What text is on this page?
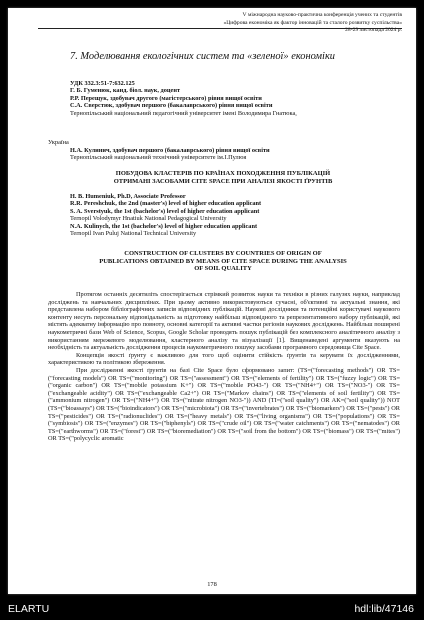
V міжнародна науково-практична конференція учених та студентів
«Цифрова економіка як фактор інновацій та сталого розвитку суспільства»
28-29 листопада 2024 р.
7. Моделювання екологічних систем та «зеленої» економіки
УДК 332.3:51-7:632.125
Г. Б. Гуменюк, канд. біол. наук, доцент
Р.Р. Перещук, здобувач другого (магістерського) рівня вищої освіти
С.А. Сверстюк, здобувач першого (бакалаврського) рівня вищої освіти
Тернопільський національний педагогічний університет імені Володимира Гнатюка,
Україна
Н.А. Кулинич, здобувач першого (бакалаврського) рівня вищої освіти
Тернопільський національний технічний університете ім.І.Пулюя
ПОБУДОВА КЛАСТЕРІВ ПО КРАЇНАХ ПОХОДЖЕННЯ ПУБЛІКАЦІЙ
ОТРИМАНІ ЗАСОБАМИ CITE SPACE ПРИ АНАЛІЗІ ЯКОСТІ ҐРУНТІВ
H. B. Humeniuk, Ph.D, Associate Professor
R.R. Pereshchuk, the 2nd (master's) level of higher education applicant
S. A. Sverstyuk, the 1st (bachelor's) level of higher education applicant
Ternopil Volodymyr Hnatiuk National Pedagogical University
N.A. Kulinych, the 1st (bachelor's) level of higher education applicant
Ternopil Ivan Puluj National Technical University
CONSTRUCTION OF CLUSTERS BY COUNTRIES OF ORIGIN OF
PUBLICATIONS OBTAINED BY MEANS OF CITE SPACE DURING THE ANALYSIS
OF SOIL QUALITY

Протягом останніх десятиліть спостерігається стрімкий розвиток науки та техніки в різних галузях науки, наприклад досліджень та навчальних дисциплінах. При цьому активно використовуються сучасні, об'єктивні та актуальні знання, які представлена набором бібліографічних записів відповідних публікацій. Наукові дослідники та потенційні користувачі наукового контенту несуть персональну відповідальність за підготовку найбільш відповідного та репрезентативного набору публікацій, які містять адекватну інформацію про повноту, основні категорії та активні частки регіонів наукових досліджень. Найбільш поширені наукометричні бази Web of Science, Scopus, Google Scholar проводять пошук публікацій без комплексного аналітичного аналізу з використанням мережевого моделювання, кластерного аналізу та візуалізації [1]. Вищенаведені аргументи вказують на необхідність та актуальність дослідження процесів наукометричного пошуку засобами програмного середовища Cite Space.

Концепція якості ґрунту є важливою для того щоб оцінити стійкість ґрунтів та керувати їх дослідженнями, характеристикою та політикою збереження.

При дослідженні якості ґрунтів на базі Cite Space було сформовано запит: (TS=("forecasting methods") OR TS=("forecasting models") OR TS=("monitoring") OR TS=("assessment") OR TS=("elements of fertility") OR TS=("fuzzy logic") OR TS=("organic carbon") OR TS=("mobile potassium K+") OR TS=("mobile PO43-") OR TS=("NH4+") OR TS=("NO3-") OR TS=("exchangeable acidity") OR TS=("exchangeable Ca2+") OR TS=("Markov chains") OR TS=("elements of soil fertility") OR TS=("ammonium nitrogen") OR TS=("NH4+") OR TS=("nitrate nitrogen NO3-")) AND (TI=("soil quality") OR AK=("soil quality")) NOT (TS=("bioassays") OR TS=("bioindicators") OR TS=("microbiota") OR TS=("invertebrates") OR TS=("biomarkers") OR TS=("pests") OR TS=("pesticides") OR TS=("radionuclides") OR TS=("heavy metals") OR TS=("living organisms") OR TS=("populations") OR TS=("symbiosis") OR TS=("enzymes") OR TS=("biphenyls") OR TS=("crude oil") OR TS=("water catchments") OR TS=("nematodes") OR TS=("earthworms") OR TS=("forest") OR TS=("bioremediation") OR TS=("soil from the bottom") OR TS=("biomass") OR TS=("mites") OR TS=("polycyclic aromatic

178
ELARTU	hdl:lib/47146
